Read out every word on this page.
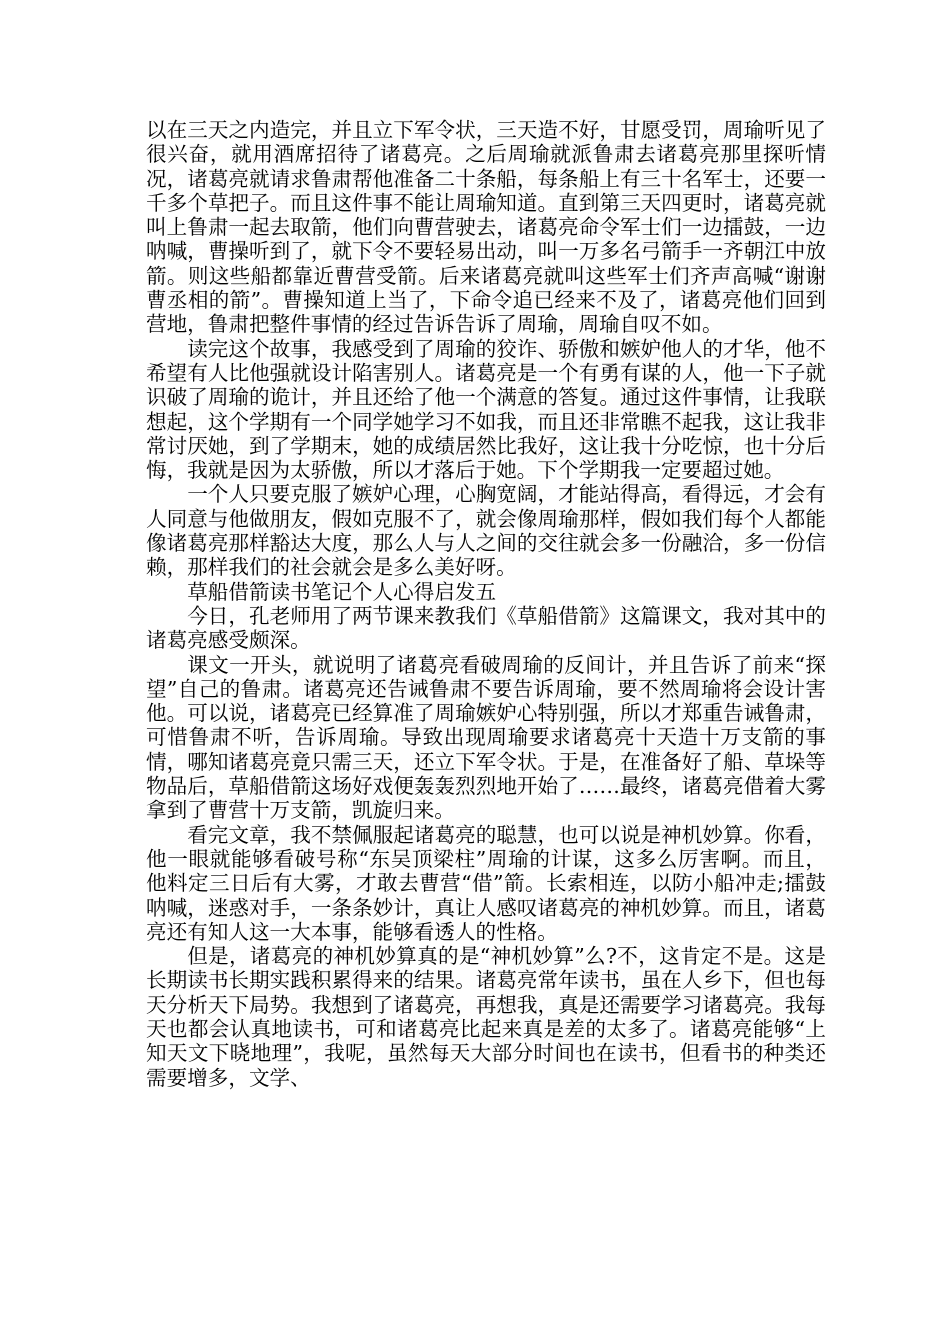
以在三天之内造完，并且立下军令状，三天造不好，甘愿受罚，周瑜听见了很兴奋，就用酒席招待了诸葛亮。之后周瑜就派鲁肃去诸葛亮那里探听情况，诸葛亮就请求鲁肃帮他准备二十条船，每条船上有三十名军士，还要一千多个草把子。而且这件事不能让周瑜知道。直到第三天四更时，诸葛亮就叫上鲁肃一起去取箭，他们向曹营驶去，诸葛亮命令军士们一边擂鼓，一边呐喊，曹操听到了，就下令不要轻易出动，叫一万多名弓箭手一齐朝江中放箭。则这些船都靠近曹营受箭。后来诸葛亮就叫这些军士们齐声高喊“谢谢曹丞相的箭”。曹操知道上当了，下命令追已经来不及了，诸葛亮他们回到营地，鲁肃把整件事情的经过告诉告诉了周瑜，周瑜自叹不如。

读完这个故事，我感受到了周瑜的狡诈、骄傲和嫉妒他人的才华，他不希望有人比他强就设计陷害别人。诸葛亮是一个有勇有谋的人，他一下子就识破了周瑜的诡计，并且还给了他一个满意的答复。通过这件事情，让我联想起，这个学期有一个同学她学习不如我，而且还非常瞧不起我，这让我非常讨厌她，到了学期末，她的成绩居然比我好，这让我十分吃惊，也十分后悔，我就是因为太骄傲，所以才落后于她。下个学期我一定要超过她。

一个人只要克服了嫉妒心理，心胸宽阔，才能站得高，看得远，才会有人同意与他做朋友，假如克服不了，就会像周瑜那样，假如我们每个人都能像诸葛亮那样豁达大度，那么人与人之间的交往就会多一份融洽，多一份信赖，那样我们的社会就会是多么美好呀。

草船借箭读书笔记个人心得启发五

今日，孔老师用了两节课来教我们《草船借箭》这篇课文，我对其中的诸葛亮感受颇深。

课文一开头，就说明了诸葛亮看破周瑜的反间计，并且告诉了前来“探望”自己的鲁肃。诸葛亮还告诫鲁肃不要告诉周瑜，要不然周瑜将会设计害他。可以说，诸葛亮已经算准了周瑜嫉妒心特别强，所以才郑重告诫鲁肃，可惜鲁肃不听，告诉周瑜。导致出现周瑜要求诸葛亮十天造十万支箭的事情，哪知诸葛亮竟只需三天，还立下军令状。于是，在准备好了船、草垛等物品后，草船借箭这场好戏便轰轰烈烈地开始了……最终，诸葛亮借着大雾拿到了曹营十万支箭，凯旋归来。

看完文章，我不禁佩服起诸葛亮的聪慧，也可以说是神机妙算。你看，他一眼就能够看破号称“东吴顶梁柱”周瑜的计谋，这多么厉害啊。而且，他料定三日后有大雾，才敢去曹营“借”箭。长索相连，以防小船冲走;擂鼓呐喊，迷惑对手，一条条妙计，真让人感叹诸葛亮的神机妙算。而且，诸葛亮还有知人这一大本事，能够看透人的性格。

但是，诸葛亮的神机妙算真的是“神机妙算”么?不，这肯定不是。这是长期读书长期实践积累得来的结果。诸葛亮常年读书，虽在人乡下，但也每天分析天下局势。我想到了诸葛亮，再想我，真是还需要学习诸葛亮。我每天也都会认真地读书，可和诸葛亮比起来真是差的太多了。诸葛亮能够“上知天文下晓地理”，我呢，虽然每天大部分时间也在读书，但看书的种类还需要增多，文学、
